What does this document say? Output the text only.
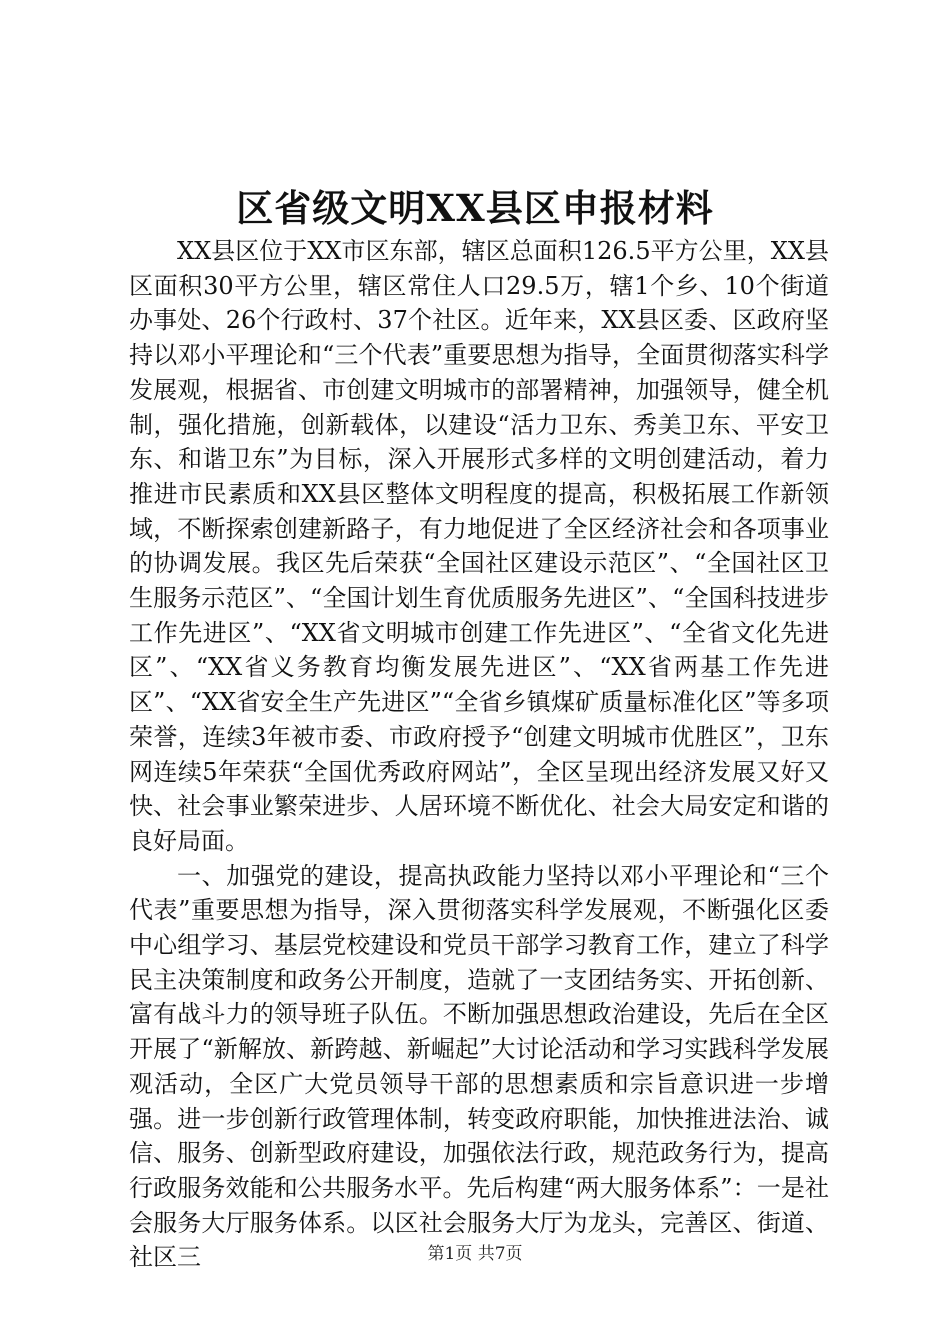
区省级文明XX县区申报材料

XX县区位于XX市区东部，辖区总面积126.5平方公里，XX县区面积30平方公里，辖区常住人口29.5万，辖1个乡、10个街道办事处、26个行政村、37个社区。近年来，XX县区委、区政府坚持以邓小平理论和“三个代表”重要思想为指导，全面贯彻落实科学发展观，根据省、市创建文明城市的部署精神，加强领导，健全机制，强化措施，创新载体，以建设“活力卫东、秀美卫东、平安卫东、和谐卫东”为目标，深入开展形式多样的文明创建活动，着力推进市民素质和XX县区整体文明程度的提高，积极拓展工作新领域，不断探索创建新路子，有力地促进了全区经济社会和各项事业的协调发展。我区先后荣获“全国社区建设示范区”、“全国社区卫生服务示范区”、“全国计划生育优质服务先进区”、“全国科技进步工作先进区”、“XX省文明城市创建工作先进区”、“全省文化先进区”、“XX省义务教育均衡发展先进区”、“XX省两基工作先进区”、“XX省安全生产先进区”“全省乡镇煤矿质量标准化区”等多项荣誉，连续3年被市委、市政府授予“创建文明城市优胜区”，卫东网连续5年荣获“全国优秀政府网站”，全区呈现出经济发展又好又快、社会事业繁荣进步、人居环境不断优化、社会大局安定和谐的良好局面。

一、加强党的建设，提高执政能力坚持以邓小平理论和“三个代表”重要思想为指导，深入贯彻落实科学发展观，不断强化区委中心组学习、基层党校建设和党员干部学习教育工作，建立了科学民主决策制度和政务公开制度，造就了一支团结务实、开拓创新、富有战斗力的领导班子队伍。不断加强思想政治建设，先后在全区开展了“新解放、新跨越、新崛起”大讨论活动和学习实践科学发展观活动，全区广大党员领导干部的思想素质和宗旨意识进一步增强。进一步创新行政管理体制，转变政府职能，加快推进法治、诚信、服务、创新型政府建设，加强依法行政，规范政务行为，提高行政服务效能和公共服务水平。先后构建“两大服务体系”：一是社会服务大厅服务体系。以区社会服务大厅为龙头，完善区、街道、社区三	第1页 共7页
